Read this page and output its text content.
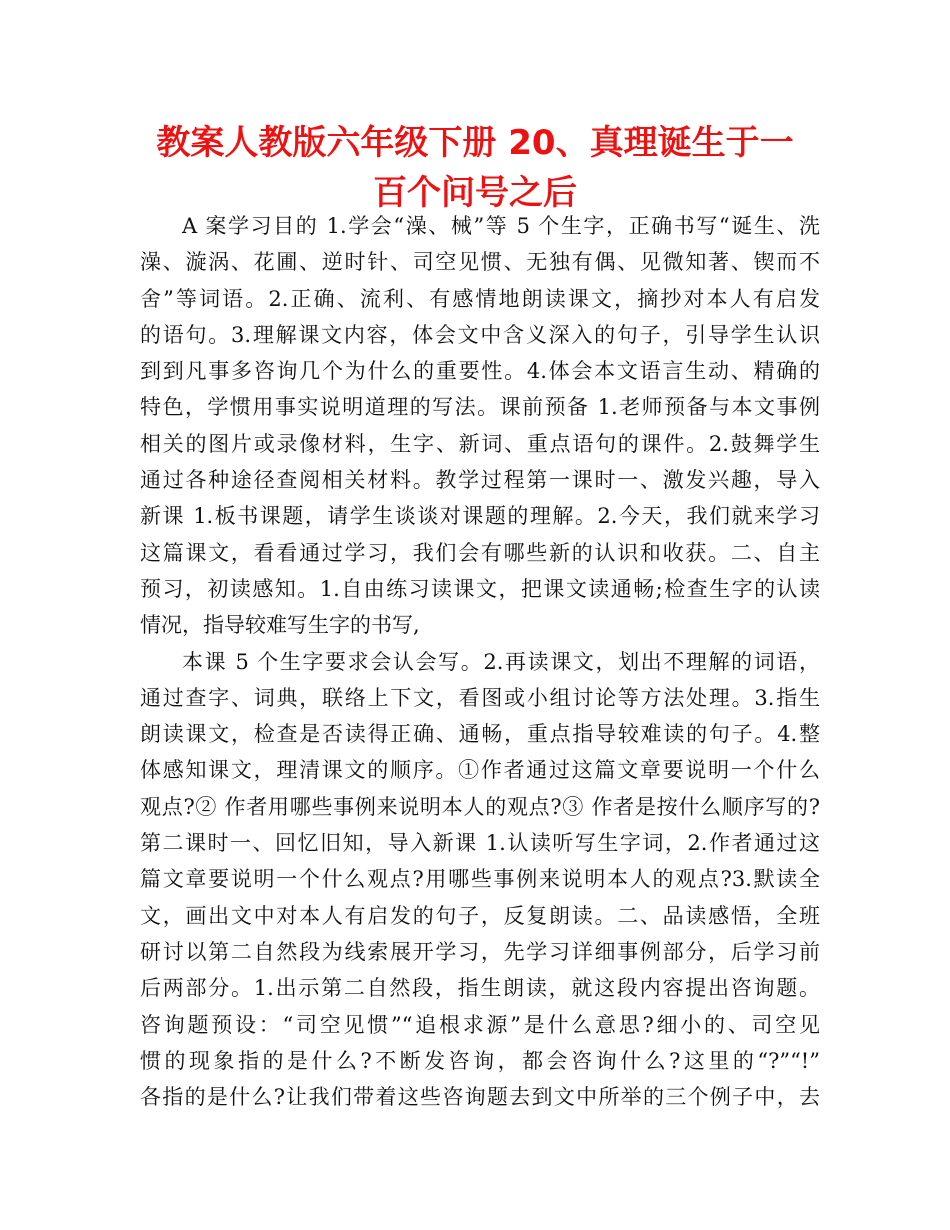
教案人教版六年级下册 20、真理诞生于一
百个问号之后
A 案学习目的 1.学会“澡、械”等 5 个生字，正确书写“诞生、洗
澡、漩涡、花圃、逆时针、司空见惯、无独有偶、见微知著、锲而不
舍”等词语。2.正确、流利、有感情地朗读课文，摘抄对本人有启发
的语句。3.理解课文内容，体会文中含义深入的句子，引导学生认识
到到凡事多咨询几个为什么的重要性。4.体会本文语言生动、精确的
特色，学惯用事实说明道理的写法。课前预备 1.老师预备与本文事例
相关的图片或录像材料，生字、新词、重点语句的课件。2.鼓舞学生
通过各种途径查阅相关材料。教学过程第一课时一、激发兴趣，导入
新课 1.板书课题，请学生谈谈对课题的理解。2.今天，我们就来学习
这篇课文，看看通过学习，我们会有哪些新的认识和收获。二、自主
预习，初读感知。1.自由练习读课文，把课文读通畅;检查生字的认读
情况，指导较难写生字的书写,
本课 5 个生字要求会认会写。2.再读课文，划出不理解的词语，
通过查字、词典，联络上下文，看图或小组讨论等方法处理。3.指生
朗读课文，检查是否读得正确、通畅，重点指导较难读的句子。4.整
体感知课文，理清课文的顺序。①作者通过这篇文章要说明一个什么
观点?② 作者用哪些事例来说明本人的观点?③ 作者是按什么顺序写的?
第二课时一、回忆旧知，导入新课 1.认读听写生字词，2.作者通过这
篇文章要说明一个什么观点?用哪些事例来说明本人的观点?3.默读全
文，画出文中对本人有启发的句子，反复朗读。二、品读感悟，全班
研讨以第二自然段为线索展开学习，先学习详细事例部分，后学习前
后两部分。1.出示第二自然段，指生朗读，就这段内容提出咨询题。
咨询题预设：“司空见惯”“追根求源”是什么意思?细小的、司空见
惯的现象指的是什么?不断发咨询，都会咨询什么?这里的“?”“!”
各指的是什么?让我们带着这些咨询题去到文中所举的三个例子中，去
